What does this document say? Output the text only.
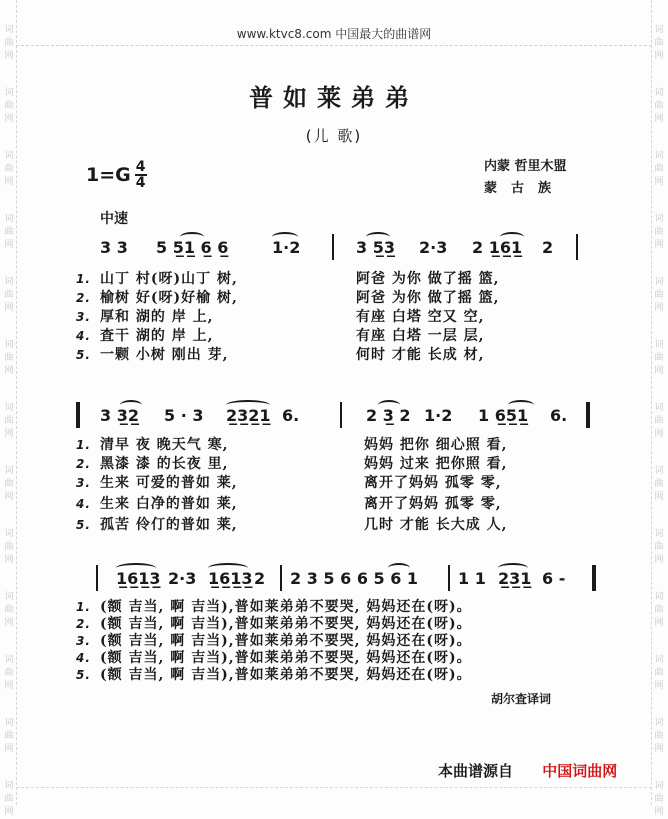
词
曲
网
词
曲
网
词
曲
网
词
曲
网
词
曲
网
词
曲
网
词
曲
网
词
曲
网
词
曲
网
词
曲
网
词
曲
网
词
曲
网
词
曲
网
词
曲
网
词
曲
网
词
曲
网
词
曲
网
词
曲
网
词
曲
网
词
曲
网
词
曲
网
词
曲
网
词
曲
网
词
曲
网
词
曲
网
词
曲
网
www.ktvc8.com 中国最大的曲谱网
普如莱弟弟
(儿 歌)
$1=G \frac{4}{4}$	内蒙 哲里木盟
蒙古族
中速
3 3 5 5̲1̲ 6̲ 6̲	1·2	3 5̲3̲ 2·3 2 1̲6̲1̲ 2
1. 山丁 村(呀)山丁 树,	阿爸 为你 做了摇 篮,
2. 榆树 好(呀)好榆 树,	阿爸 为你 做了摇 篮,
3. 厚和 湖的 岸 上,	有座 白塔 空又 空,
4. 査干 湖的 岸 上,	有座 白塔 一层 层,
5. 一颗 小树 刚出 芽,	何时 才能 长成 材,
3 3̲2̲ 5 · 3 2̲3̲2̲1̲ 6.	2 3̲ 2 1·2 1 6̲5̲1̲ 6.
1. 清早 夜 晚天气 寒,	妈妈 把你 细心照 看,
2. 黑漆 漆 的长夜 里,	妈妈 过来 把你照 看,
3. 生来 可爱的普如 莱,	离开了妈妈 孤零 零,
4. 生来 白净的普如 莱,	离开了妈妈 孤零 零,
5. 孤苦 伶仃的普如 莱,	几时 才能 长大成 人,
1̲6̲1̲3̲ 2·3 1̲6̲1̲3̲ 2 2 3 5 6 6 5 6 1 1 1 2̲3̲1̲ 6 -
1. (额 吉当, 啊 吉当),普如莱弟弟不要哭, 妈妈还在(呀)。
2. (额 吉当, 啊 吉当),普如莱弟弟不要哭, 妈妈还在(呀)。
3. (额 吉当, 啊 吉当),普如莱弟弟不要哭, 妈妈还在(呀)。
4. (额 吉当, 啊 吉当),普如莱弟弟不要哭, 妈妈还在(呀)。
5. (额 吉当, 啊 吉当),普如莱弟弟不要哭, 妈妈还在(呀)。
胡尔査译词
本曲谱源自 中国词曲网
